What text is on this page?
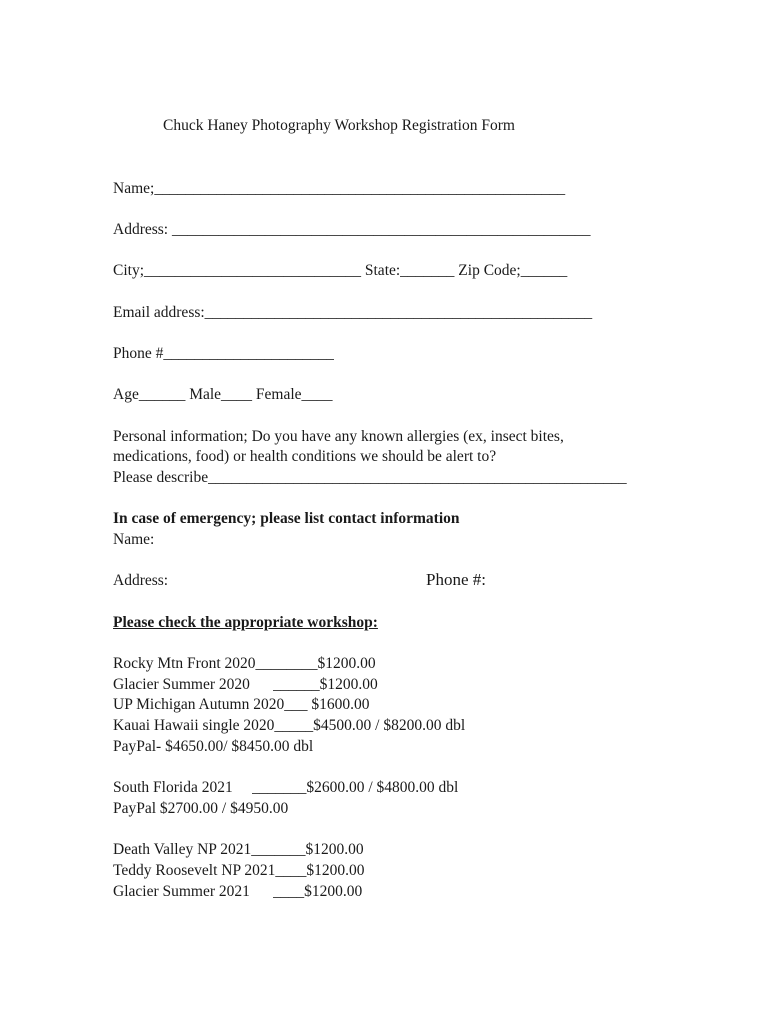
Chuck Haney Photography Workshop Registration Form

Name;_____________________________________________________

Address: ______________________________________________________

City;____________________________ State:_______ Zip Code;______

Email address:__________________________________________________

Phone #______________________

Age______ Male____ Female____

Personal information; Do you have any known allergies (ex, insect bites,

medications, food) or health conditions we should be alert to?

Please describe______________________________________________________

In case of emergency; please list contact information

Name:

Address:	Phone #:

Please check the appropriate workshop:

Rocky Mtn Front 2020________$1200.00

Glacier Summer 2020      ______$1200.00

UP Michigan Autumn 2020___ $1600.00

Kauai Hawaii single 2020_____$4500.00 / $8200.00 dbl

PayPal- $4650.00/ $8450.00 dbl

South Florida 2021     _______$2600.00 / $4800.00 dbl

PayPal $2700.00 / $4950.00

Death Valley NP 2021_______$1200.00

Teddy Roosevelt NP 2021____$1200.00

Glacier Summer 2021      ____$1200.00
